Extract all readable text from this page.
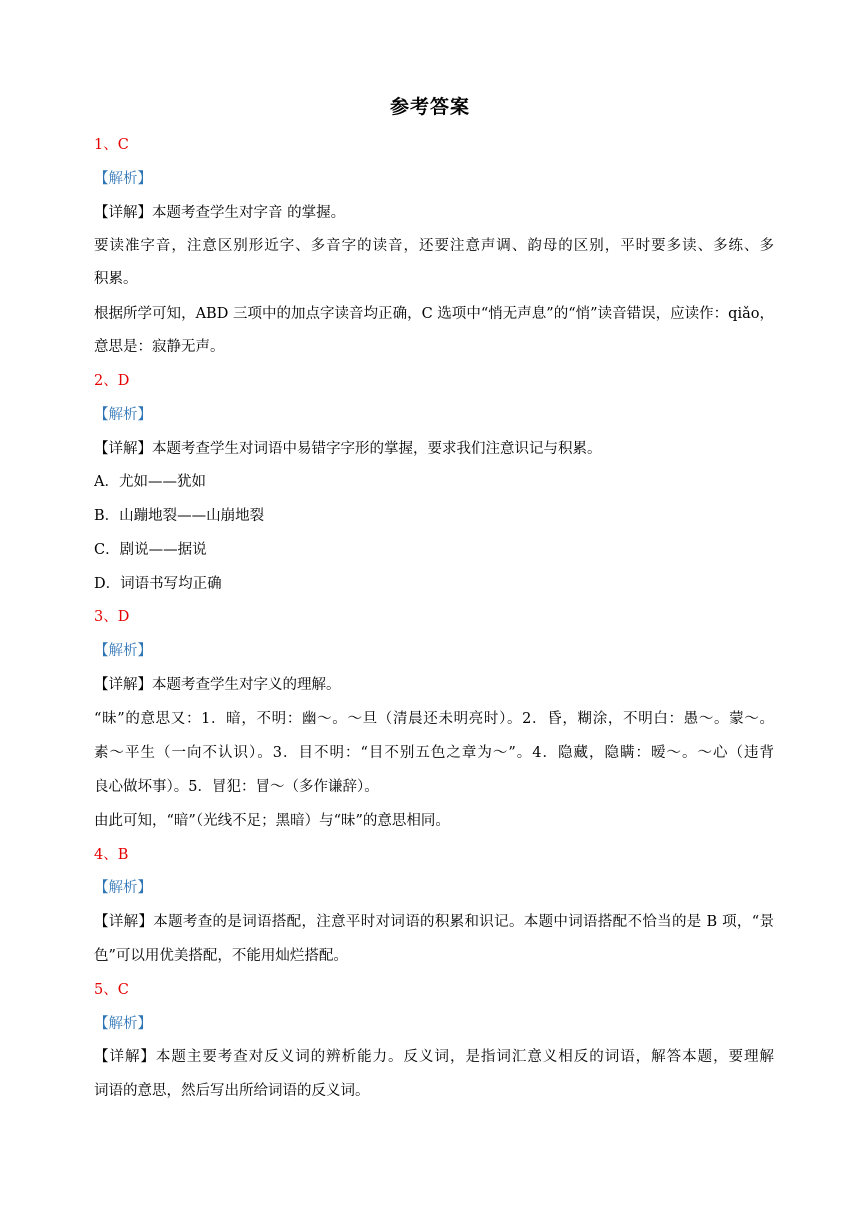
参考答案
1、C
【解析】
【详解】本题考查学生对字音 的掌握。
要读准字音，注意区别形近字、多音字的读音，还要注意声调、韵母的区别，平时要多读、多练、多
积累。
根据所学可知，ABD 三项中的加点字读音均正确，C 选项中“悄无声息”的“悄”读音错误，应读作：qiǎo，
意思是：寂静无声。
2、D
【解析】
【详解】本题考查学生对词语中易错字字形的掌握，要求我们注意识记与积累。
A．尤如——犹如
B．山蹦地裂——山崩地裂
C．剧说——据说
D．词语书写均正确
3、D
【解析】
【详解】本题考查学生对字义的理解。
“昧”的意思又：1．暗，不明：幽～。～旦（清晨还未明亮时）。2．昏，糊涂，不明白：愚～。蒙～。
素～平生（一向不认识）。3．目不明：“目不别五色之章为～”。4．隐藏，隐瞒：暧～。～心（违背
良心做坏事）。5．冒犯：冒～（多作谦辞）。
由此可知，“暗”（光线不足；黑暗）与“昧”的意思相同。
4、B
【解析】
【详解】本题考查的是词语搭配，注意平时对词语的积累和识记。本题中词语搭配不恰当的是 B 项，“景
色”可以用优美搭配，不能用灿烂搭配。
5、C
【解析】
【详解】本题主要考查对反义词的辨析能力。反义词，是指词汇意义相反的词语，解答本题，要理解
词语的意思，然后写出所给词语的反义词。
